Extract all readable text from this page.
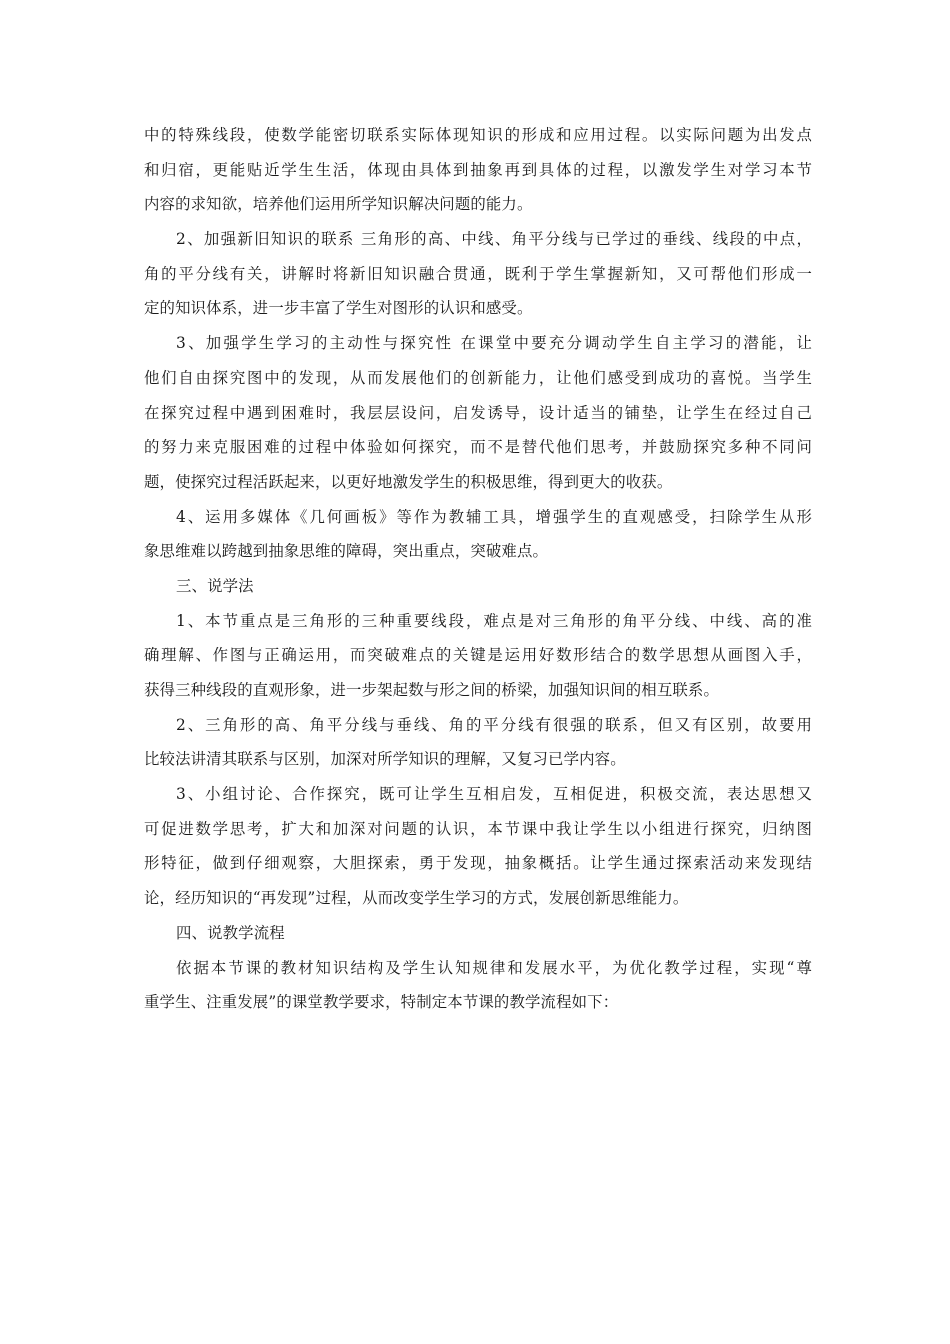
中的特殊线段，使数学能密切联系实际体现知识的形成和应用过程。以实际问题为出发点
和归宿，更能贴近学生生活，体现由具体到抽象再到具体的过程，以激发学生对学习本节
内容的求知欲，培养他们运用所学知识解决问题的能力。
2、加强新旧知识的联系 三角形的高、中线、角平分线与已学过的垂线、线段的中点，
角的平分线有关，讲解时将新旧知识融合贯通，既利于学生掌握新知，又可帮他们形成一
定的知识体系，进一步丰富了学生对图形的认识和感受。
3、加强学生学习的主动性与探究性 在课堂中要充分调动学生自主学习的潜能，让
他们自由探究图中的发现，从而发展他们的创新能力，让他们感受到成功的喜悦。当学生
在探究过程中遇到困难时，我层层设问，启发诱导，设计适当的铺垫，让学生在经过自己
的努力来克服困难的过程中体验如何探究，而不是替代他们思考，并鼓励探究多种不同问
题，使探究过程活跃起来，以更好地激发学生的积极思维，得到更大的收获。
4、运用多媒体《几何画板》等作为教辅工具，增强学生的直观感受，扫除学生从形
象思维难以跨越到抽象思维的障碍，突出重点，突破难点。
三、说学法
1、本节重点是三角形的三种重要线段，难点是对三角形的角平分线、中线、高的准
确理解、作图与正确运用，而突破难点的关键是运用好数形结合的数学思想从画图入手，
获得三种线段的直观形象，进一步架起数与形之间的桥梁，加强知识间的相互联系。
2、三角形的高、角平分线与垂线、角的平分线有很强的联系，但又有区别，故要用
比较法讲清其联系与区别，加深对所学知识的理解，又复习已学内容。
3、小组讨论、合作探究，既可让学生互相启发，互相促进，积极交流，表达思想又
可促进数学思考，扩大和加深对问题的认识，本节课中我让学生以小组进行探究，归纳图
形特征，做到仔细观察，大胆探索，勇于发现，抽象概括。让学生通过探索活动来发现结
论，经历知识的“再发现”过程，从而改变学生学习的方式，发展创新思维能力。
四、说教学流程
依据本节课的教材知识结构及学生认知规律和发展水平，为优化教学过程，实现“尊
重学生、注重发展”的课堂教学要求，特制定本节课的教学流程如下：
